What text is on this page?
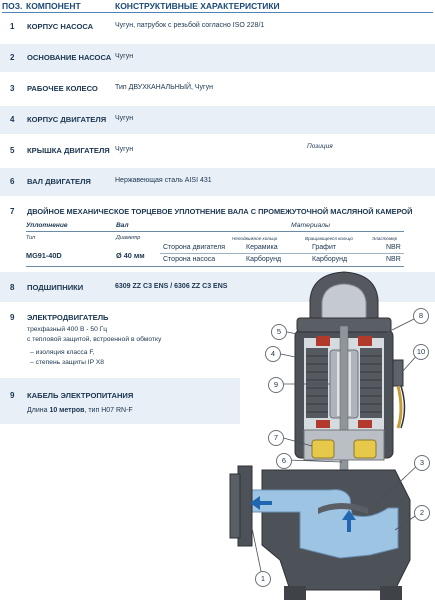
ПОЗ. КОМПОНЕНТ	КОНСТРУКТИВНЫЕ ХАРАКТЕРИСТИКИ
1 КОРПУС НАСОСА	Чугун, патрубок с резьбой согласно ISO 228/1
2 ОСНОВАНИЕ НАСОСА Чугун
3 РАБОЧЕЕ КОЛЕСО Тип ДВУХКАНАЛЬНЫЙ, Чугун
4 КОРПУС ДВИГАТЕЛЯ Чугун
5 КРЫШКА ДВИГАТЕЛЯ Чугун	Позиция
6 ВАЛ ДВИГАТЕЛЯ	Нержавеющая сталь AISI 431
7 ДВОЙНОЕ МЕХАНИЧЕСКОЕ ТОРЦЕВОЕ УПЛОТНЕНИЕ ВАЛА С ПРОМЕЖУТОЧНОЙ МАСЛЯНОЙ КАМЕРОЙ
Уплотнение	Вал	Материалы
Тип	Диаметр	Неподвижное кольцо	Вращающееся кольцо	Эластомер
MG91-40D	Ø 40 мм
Сторона двигателя	Керамика	Графит	NBR
Сторона насоса	Карборунд	Карборунд	NBR
8 ПОДШИПНИКИ	6309 ZZ C3 ENS / 6306 ZZ C3 ENS
9 ЭЛЕКТРОДВИГАТЕЛЬ
трехфазный 400 В - 50 Гц
с тепловой защитой, встроенной в обмотку
– изоляция класса F,
– степень защиты IP X8
9 КАБЕЛЬ ЭЛЕКТРОПИТАНИЯ
Длина 10 метров, тип H07 RN-F
8
5
4
9
10
7
6	3
2
1
